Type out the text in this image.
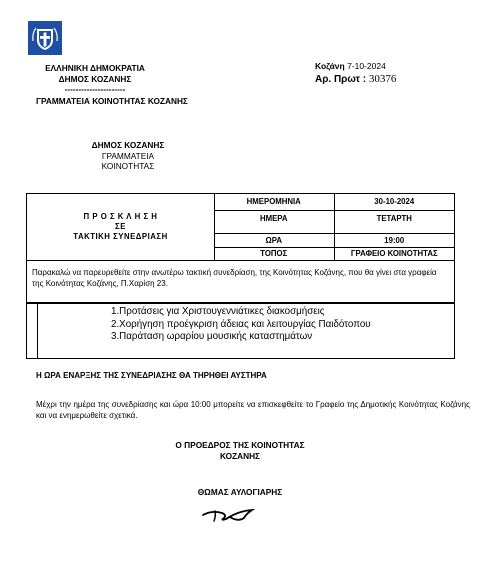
ΕΛΛΗΝΙΚΗ ΔΗΜΟΚΡΑΤΙΑ
ΔΗΜΟΣ ΚΟΖΑΝΗΣ
----------------------
ΓΡΑΜΜΑΤΕΙΑ ΚΟΙΝΟΤΗΤΑΣ ΚΟΖΑΝΗΣ
Κοζάνη 7-10-2024
Αρ. Πρωτ : 30376
ΔΗΜΟΣ ΚΟΖΑΝΗΣ
ΓΡΑΜΜΑΤΕΙΑ
ΚΟΙΝΟΤΗΤΑΣ
Π Ρ Ο Σ Κ Λ Η Σ Η
ΣΕ
ΤΑΚΤΙΚΗ ΣΥΝΕΔΡΙΑΣΗ
ΗΜΕΡΟΜΗΝΙΑ	30-10-2024
ΗΜΕΡΑ	ΤΕΤΑΡΤΗ
ΩΡΑ	19:00
ΤΟΠΟΣ	ΓΡΑΦΕΙΟ ΚΟΙΝΟΤΗΤΑΣ
Παρακαλώ να παρευρεθείτε στην ανωτέρω τακτική συνεδρίαση, της Κοινότητας Κοζάνης, που θα γίνει στα γραφεία της Κοινότητας Κοζάνης, Π.Χαρίση 23.
1.Προτάσεις για Χριστουγεννιάτικες διακοσμήσεις
2.Χορήγηση προέγκριση άδειας και λειτουργίας Παιδότοπου
3.Παράταση ωραρίου μουσικής καταστημάτων
Η ΩΡΑ ΕΝΑΡΞΗΣ ΤΗΣ ΣΥΝΕΔΡΙΑΣΗΣ ΘΑ ΤΗΡΗΘΕΙ ΑΥΣΤΗΡΑ
Μέχρι την ημέρα της συνεδρίασης και ώρα 10:00 μπορείτε να επισκεφθείτε το Γραφείο της Δημοτικής Κοινότητας Κοζάνης και να ενημερωθείτε σχετικά.
Ο ΠΡΟΕΔΡΟΣ ΤΗΣ ΚΟΙΝΟΤΗΤΑΣ
ΚΟΖΑΝΗΣ
ΘΩΜΑΣ ΑΥΛΟΓΙΑΡΗΣ
